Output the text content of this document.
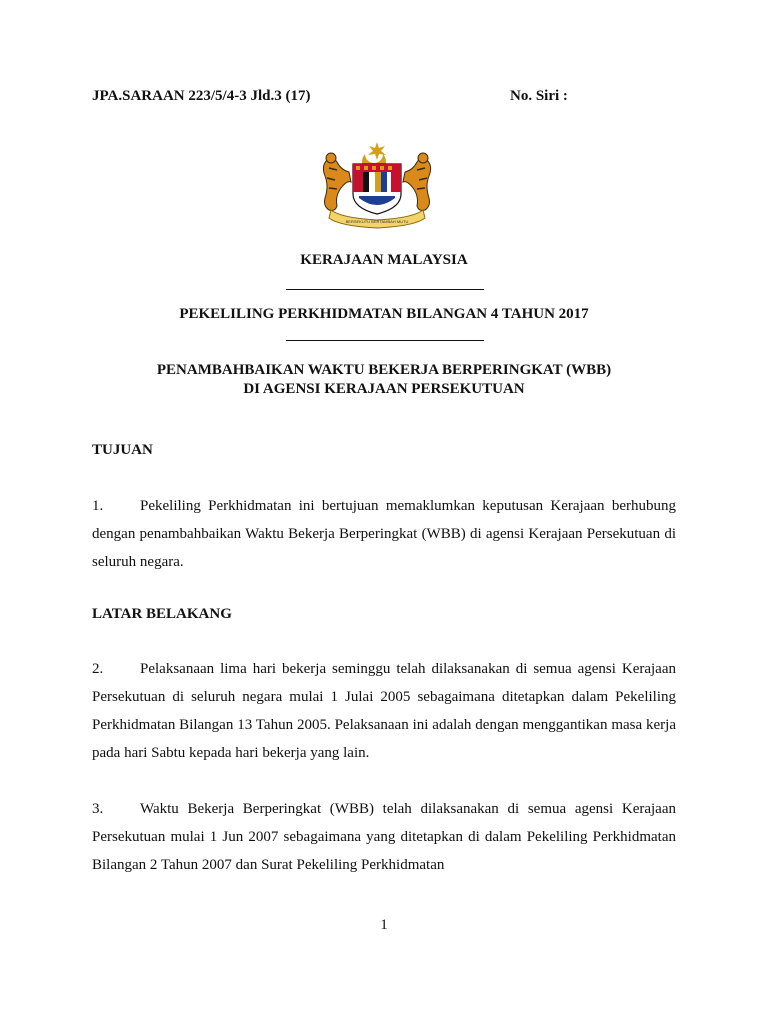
JPA.SARAAN 223/5/4-3 Jld.3 (17)	No. Siri :
BERSEKUTU BERTAMBAH MUTU
KERAJAAN MALAYSIA
PEKELILING PERKHIDMATAN BILANGAN 4 TAHUN 2017
PENAMBAHBAIKAN WAKTU BEKERJA BERPERINGKAT (WBB)
DI AGENSI KERAJAAN PERSEKUTUAN
TUJUAN
1. Pekeliling Perkhidmatan ini bertujuan memaklumkan keputusan Kerajaan berhubung dengan penambahbaikan Waktu Bekerja Berperingkat (WBB) di agensi Kerajaan Persekutuan di seluruh negara.
LATAR BELAKANG
2. Pelaksanaan lima hari bekerja seminggu telah dilaksanakan di semua agensi Kerajaan Persekutuan di seluruh negara mulai 1 Julai 2005 sebagaimana ditetapkan dalam Pekeliling Perkhidmatan Bilangan 13 Tahun 2005. Pelaksanaan ini adalah dengan menggantikan masa kerja pada hari Sabtu kepada hari bekerja yang lain.
3. Waktu Bekerja Berperingkat (WBB) telah dilaksanakan di semua agensi Kerajaan Persekutuan mulai 1 Jun 2007 sebagaimana yang ditetapkan di dalam Pekeliling Perkhidmatan Bilangan 2 Tahun 2007 dan Surat Pekeliling Perkhidmatan
1
